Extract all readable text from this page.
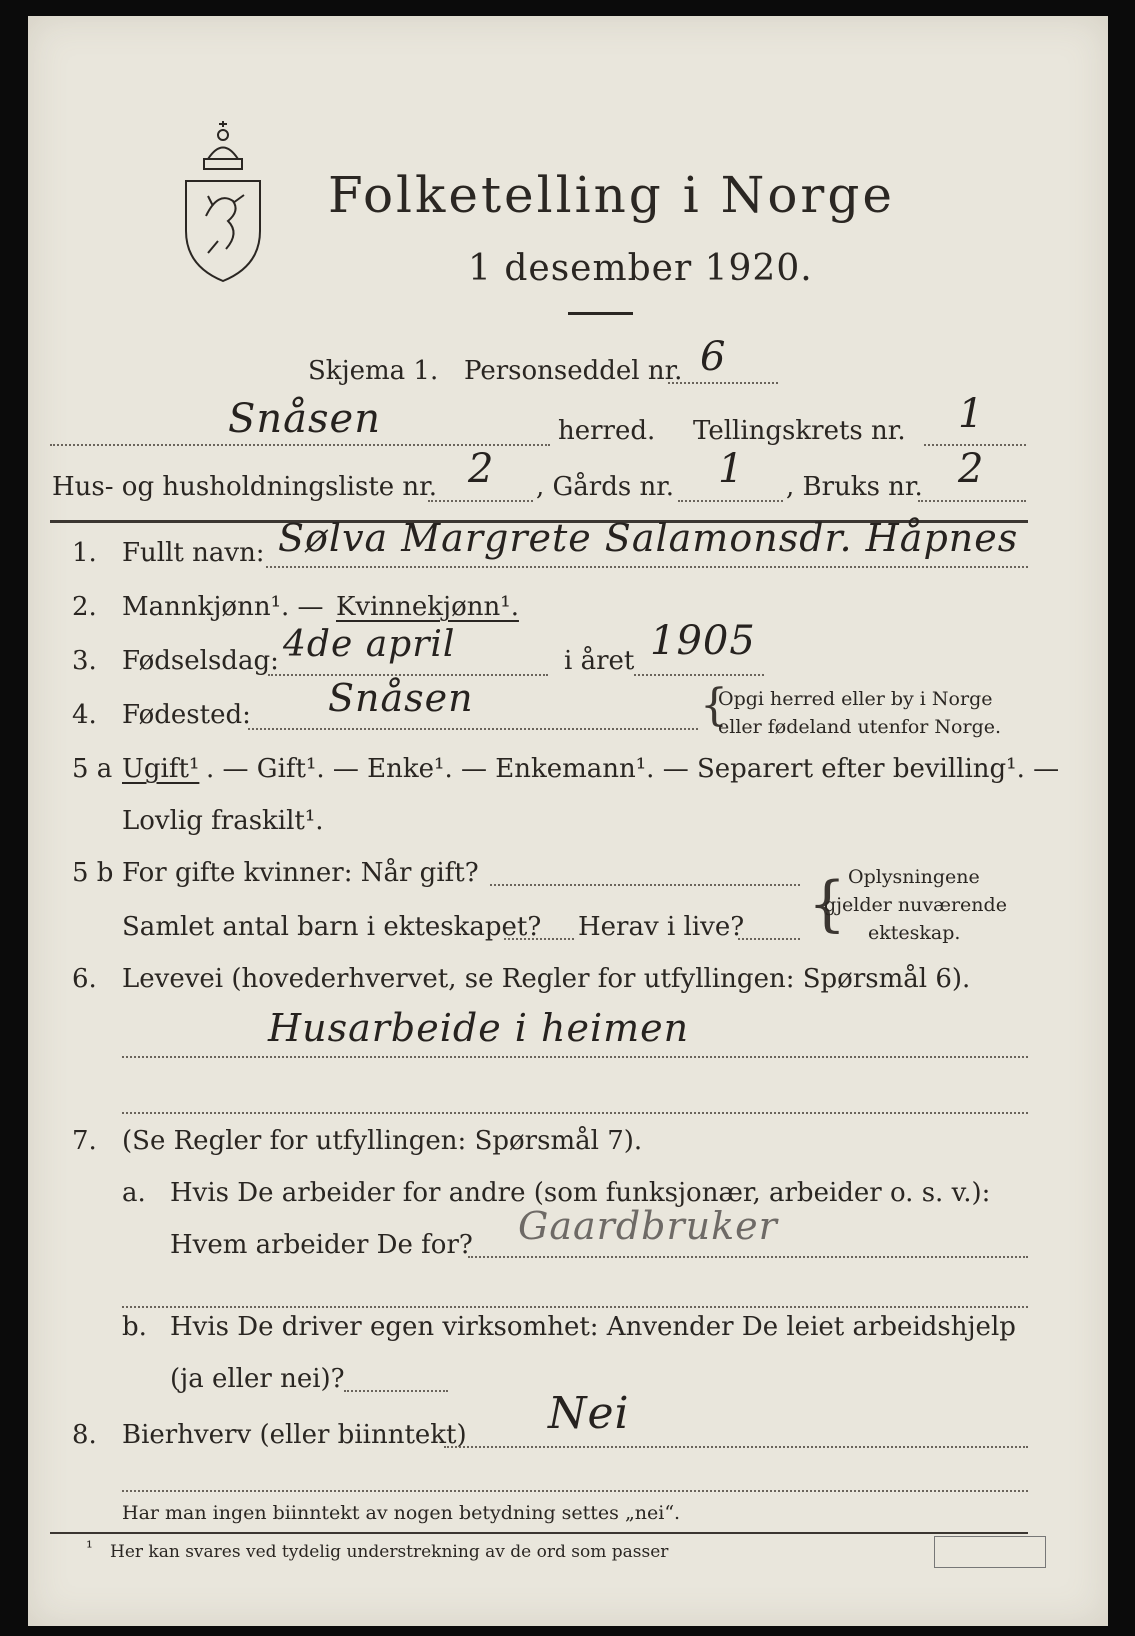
Folketelling i Norge
1 desember 1920.
Skjema 1. Personseddel nr. 6
Snåsen	herred. Tellingskrets nr. 1
Hus- og husholdningsliste nr. 2 , Gårds nr. 1 , Bruks nr. 2
1. Fullt navn: Sølva Margrete Salamonsdr. Håpnes
2. Mannkjønn¹. — Kvinnekjønn¹.
3. Fødselsdag: 4de april	i året 1905
4. Fødested: Snåsen	{
Opgi herred eller by i Norge
eller fødeland utenfor Norge.
5 a Ugift¹ . — Gift¹. — Enke¹. — Enkemann¹. — Separert efter bevilling¹. —
Lovlig fraskilt¹.
5 b For gifte kvinner: Når gift?
Samlet antal barn i ekteskapet? Herav i live? { Oplysningene
gjelder nuværende
ekteskap.
6. Levevei (hovederhvervet, se Regler for utfyllingen: Spørsmål 6).
Husarbeide i heimen
7. (Se Regler for utfyllingen: Spørsmål 7).
a. Hvis De arbeider for andre (som funksjonær, arbeider o. s. v.):
Hvem arbeider De for? Gaardbruker
b. Hvis De driver egen virksomhet: Anvender De leiet arbeidshjelp
(ja eller nei)?
8. Bierhverv (eller biinntekt) Nei
Har man ingen biinntekt av nogen betydning settes „nei“.
¹ Her kan svares ved tydelig understrekning av de ord som passer
